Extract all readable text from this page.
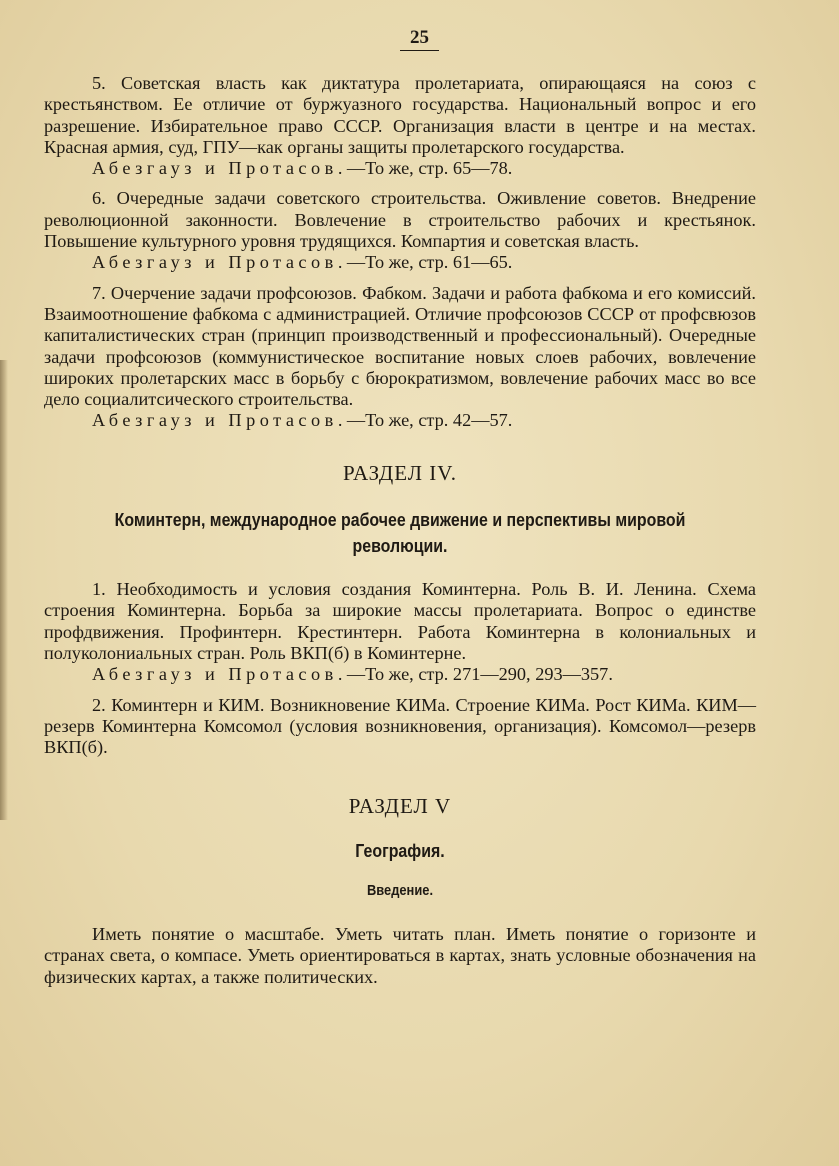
25

5. Советская власть как диктатура пролетариата, опирающаяся на союз с крестьянством. Ее отличие от буржуазного государства. Национальный вопрос и его разрешение. Избирательное право СССР. Организация власти в центре и на местах. Красная армия, суд, ГПУ—как органы защиты пролетарского государства.

Абезгауз и Протасов.—То же, стр. 65—78.

6. Очередные задачи советского строительства. Оживление советов. Внедрение революционной законности. Вовлечение в строительство рабочих и крестьянок. Повышение культурного уровня трудящихся. Компартия и советская власть.

Абезгауз и Протасов.—То же, стр. 61—65.

7. Очерчение задачи профсоюзов. Фабком. Задачи и работа фабкома и его комиссий. Взаимоотношение фабкома с администрацией. Отличие профсоюзов СССР от профсвюзов капиталистических стран (принцип производственный и профессиональный). Очередные задачи профсоюзов (коммунистическое воспитание новых слоев рабочих, вовлечение широких пролетарских масс в борьбу с бюрократизмом, вовлечение рабочих масс во все дело социалитсического строительства.

Абезгауз и Протасов.—То же, стр. 42—57.

РАЗДЕЛ IV.
Коминтерн, международное рабочее движение и перспективы мировой революции.

1. Необходимость и условия создания Коминтерна. Роль В. И. Ленина. Схема строения Коминтерна. Борьба за широкие массы пролетариата. Вопрос о единстве профдвижения. Профинтерн. Крестинтерн. Работа Коминтерна в колониальных и полуколониальных стран. Роль ВКП(б) в Коминтерне.

Абезгауз и Протасов.—То же, стр. 271—290, 293—357.

2. Коминтерн и КИМ. Возникновение КИМа. Строение КИМа. Рост КИМа. КИМ—резерв Коминтерна Комсомол (условия возникновения, организация). Комсомол—резерв ВКП(б).

РАЗДЕЛ V
География.
Введение.

Иметь понятие о масштабе. Уметь читать план. Иметь понятие о горизонте и странах света, о компасе. Уметь ориентироваться в картах, знать условные обозначения на физических картах, а также политических.
